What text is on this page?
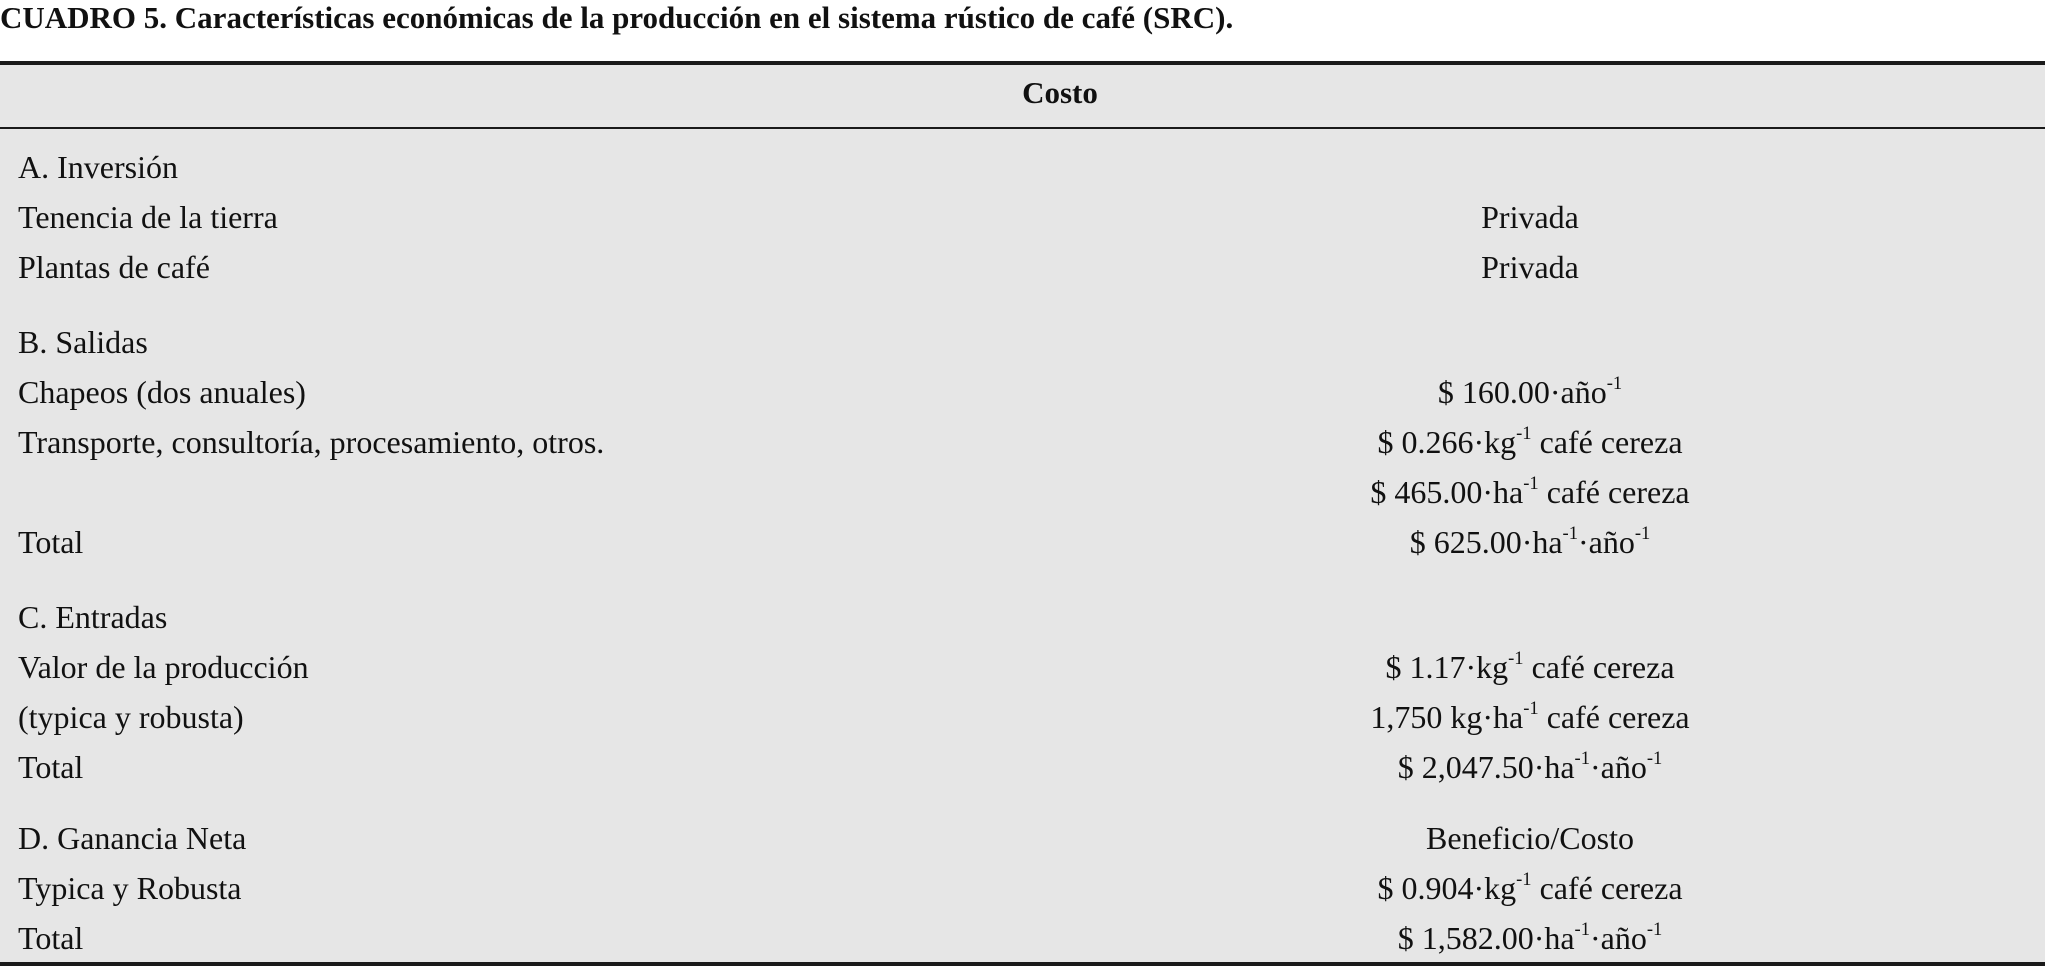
CUADRO 5. Características económicas de la producción en el sistema rústico de café (SRC).
Costo
A. Inversión
Tenencia de la tierra	Privada
Plantas de café	Privada
B. Salidas
Chapeos (dos anuales)	$ 160.00·año$^{-1}$
Transporte, consultoría, procesamiento, otros.	$ $0.266\cdot kg^{-1}$ café cereza
$ $465.00\cdot ha^{-1}$ café cereza
Total	$ $625.00\cdot ha^{-1}\cdot año^{-1}$
C. Entradas
Valor de la producción	$ $1.17\cdot kg^{-1}$ café cereza
(typica y robusta)	1,750 $kg\cdot ha^{-1}$ café cereza
Total	$ $2,047.50\cdot ha^{-1}\cdot año^{-1}$
D. Ganancia Neta	Beneficio/Costo
Typica y Robusta	$ $0.904\cdot kg^{-1}$ café cereza
Total	$ $1,582.00\cdot ha^{-1}\cdot año^{-1}$
